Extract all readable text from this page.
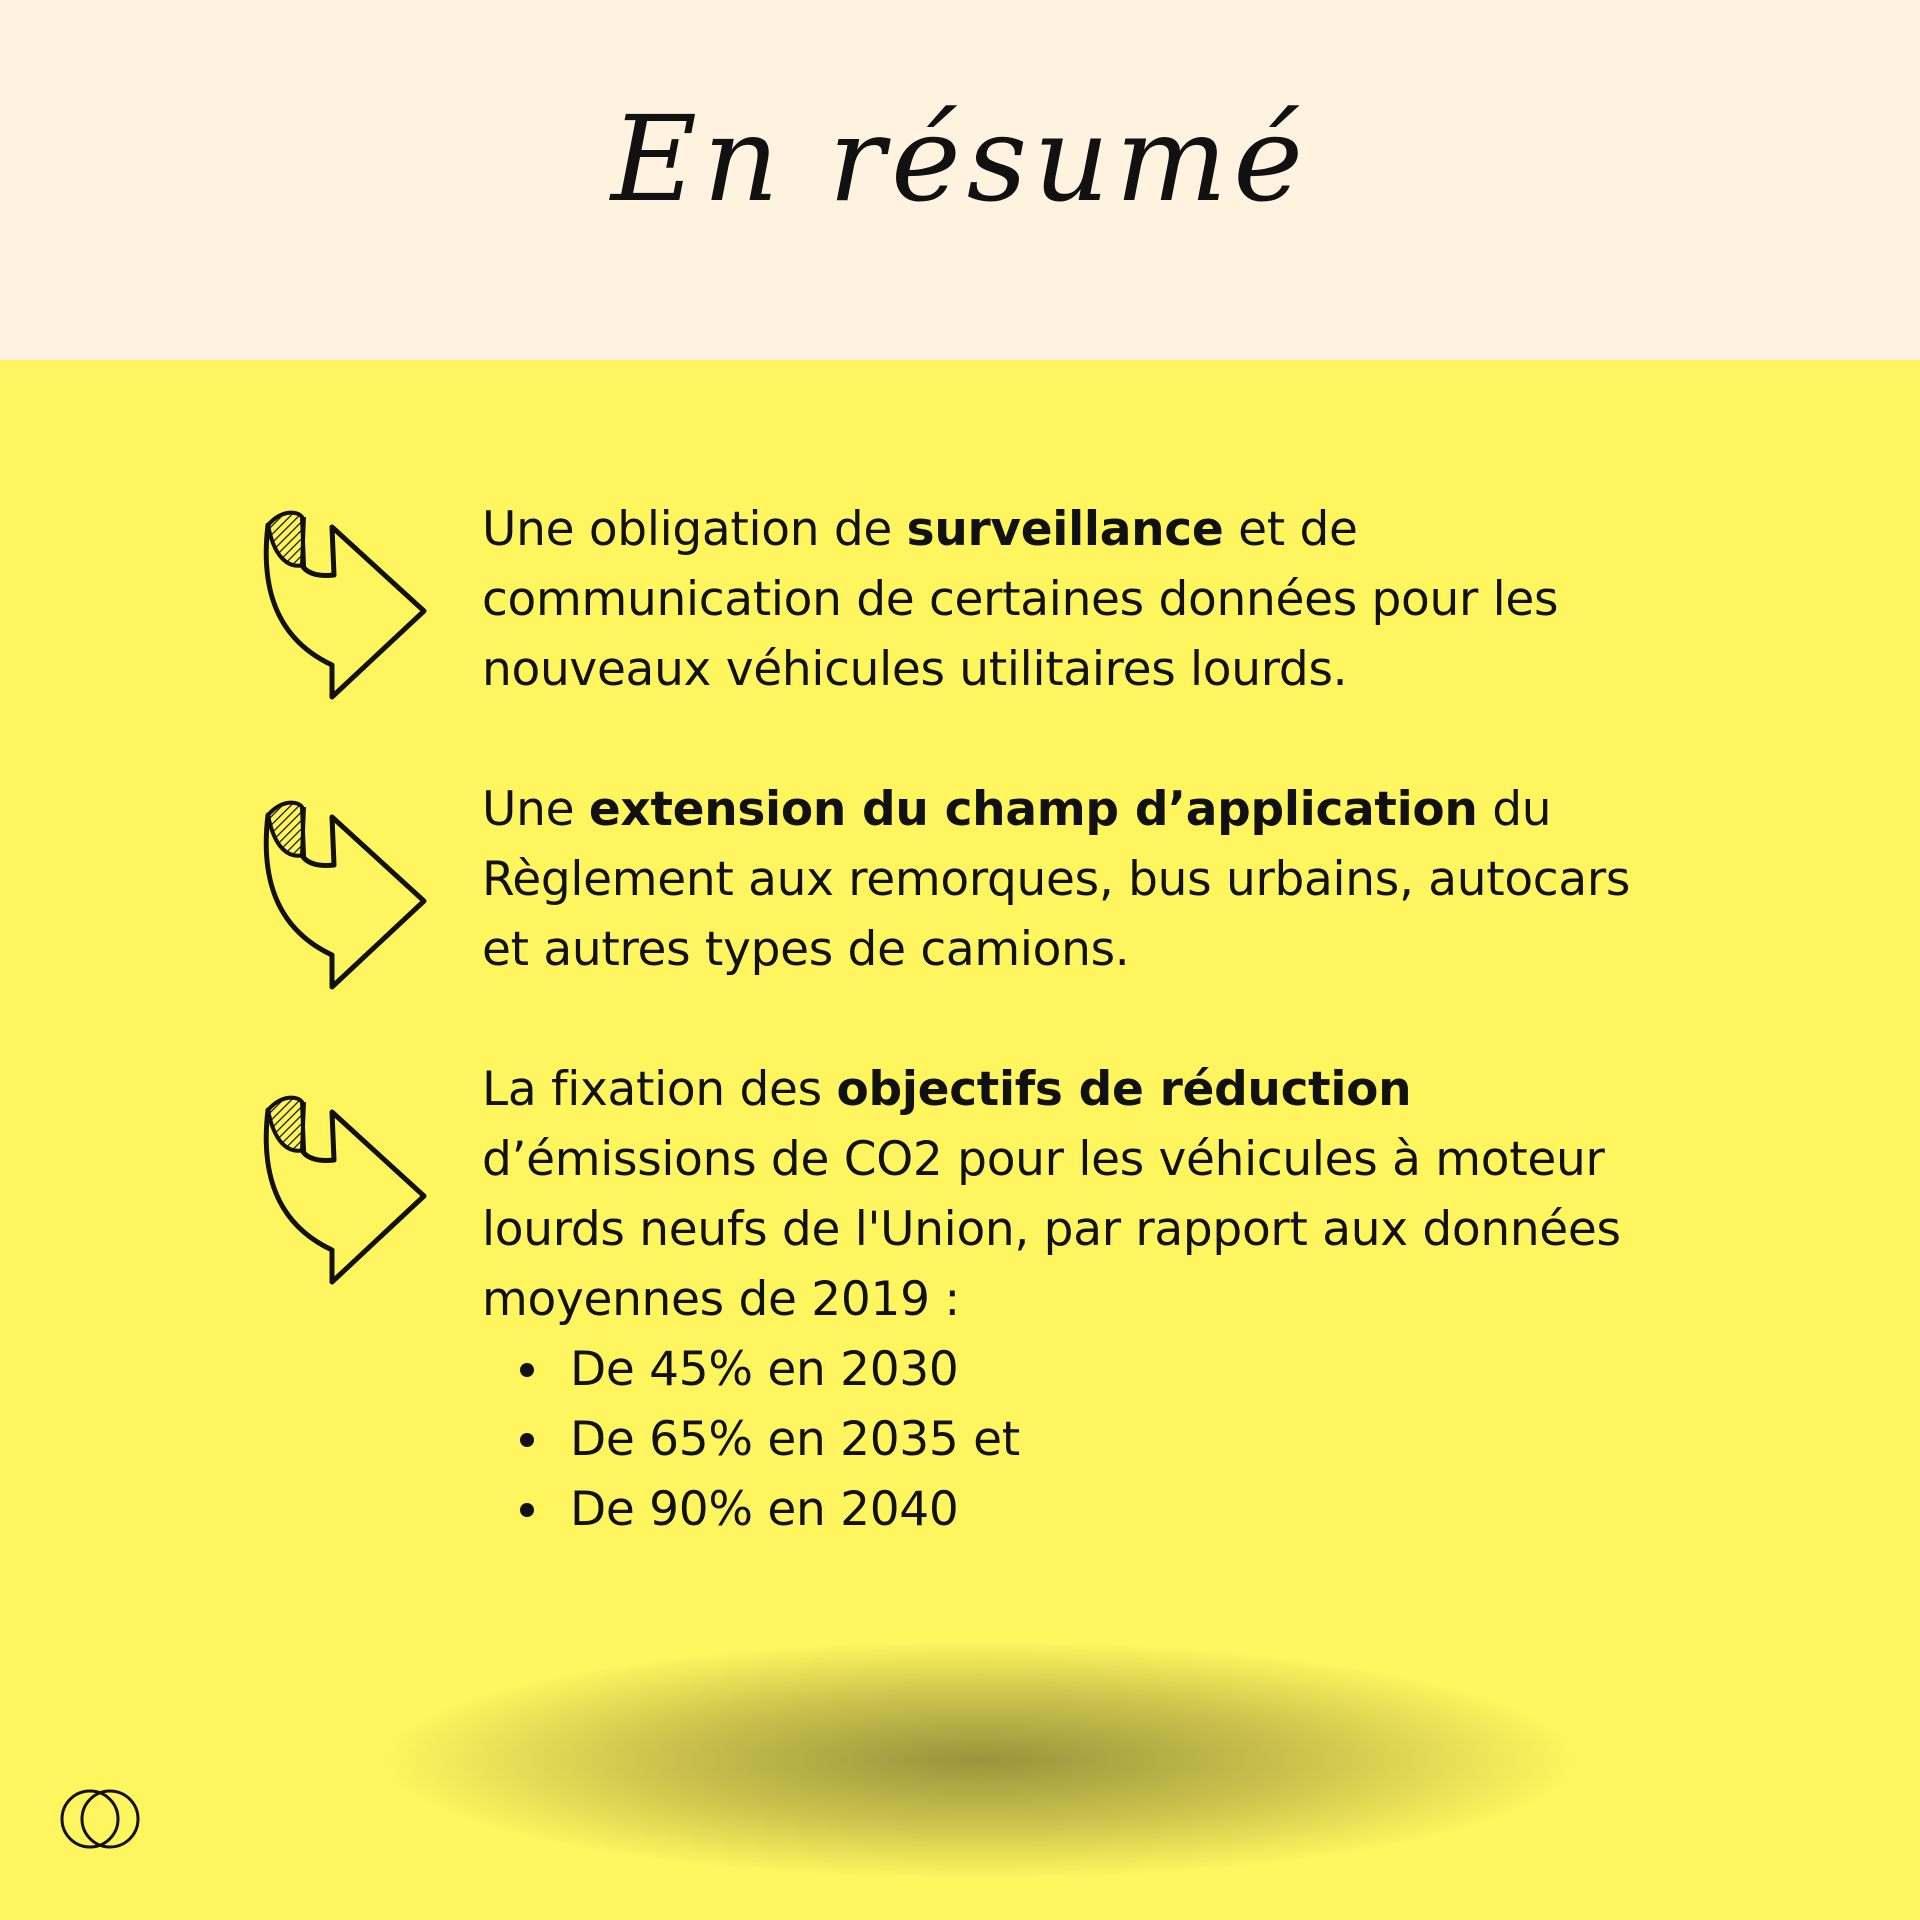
En résumé
Une obligation de surveillance et de communication de certaines données pour les nouveaux véhicules utilitaires lourds.
Une extension du champ d’application du Règlement aux remorques, bus urbains, autocars et autres types de camions.
La fixation des objectifs de réduction d’émissions de CO2 pour les véhicules à moteur lourds neufs de l'Union, par rapport aux données moyennes de 2019 :
De 45% en 2030
De 65% en 2035 et
De 90% en 2040
